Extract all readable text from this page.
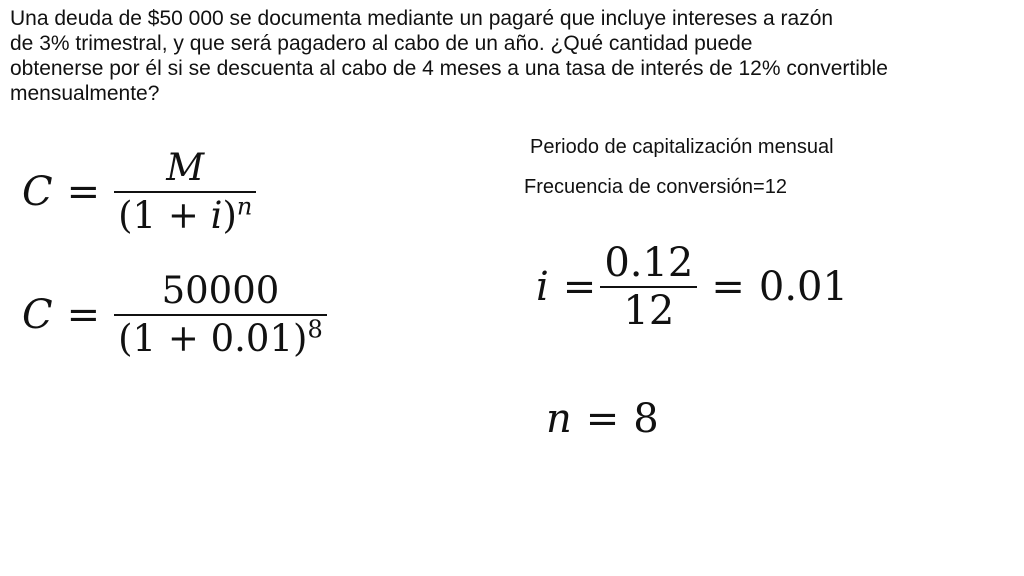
Una deuda de $50 000 se documenta mediante un pagaré que incluye intereses a razón
de 3% trimestral, y que será pagadero al cabo de un año. ¿Qué cantidad puede
obtenerse por él si se descuenta al cabo de 4 meses a una tasa de interés de 12% convertible
mensualmente?
$C = \frac{M}{(1 + i)^n}$
$C = \frac{50000}{(1 + 0.01)^8}$
Periodo de capitalización mensual
Frecuencia de conversión=12
$i = \frac{0.12}{12} = 0.01$
n = 8
